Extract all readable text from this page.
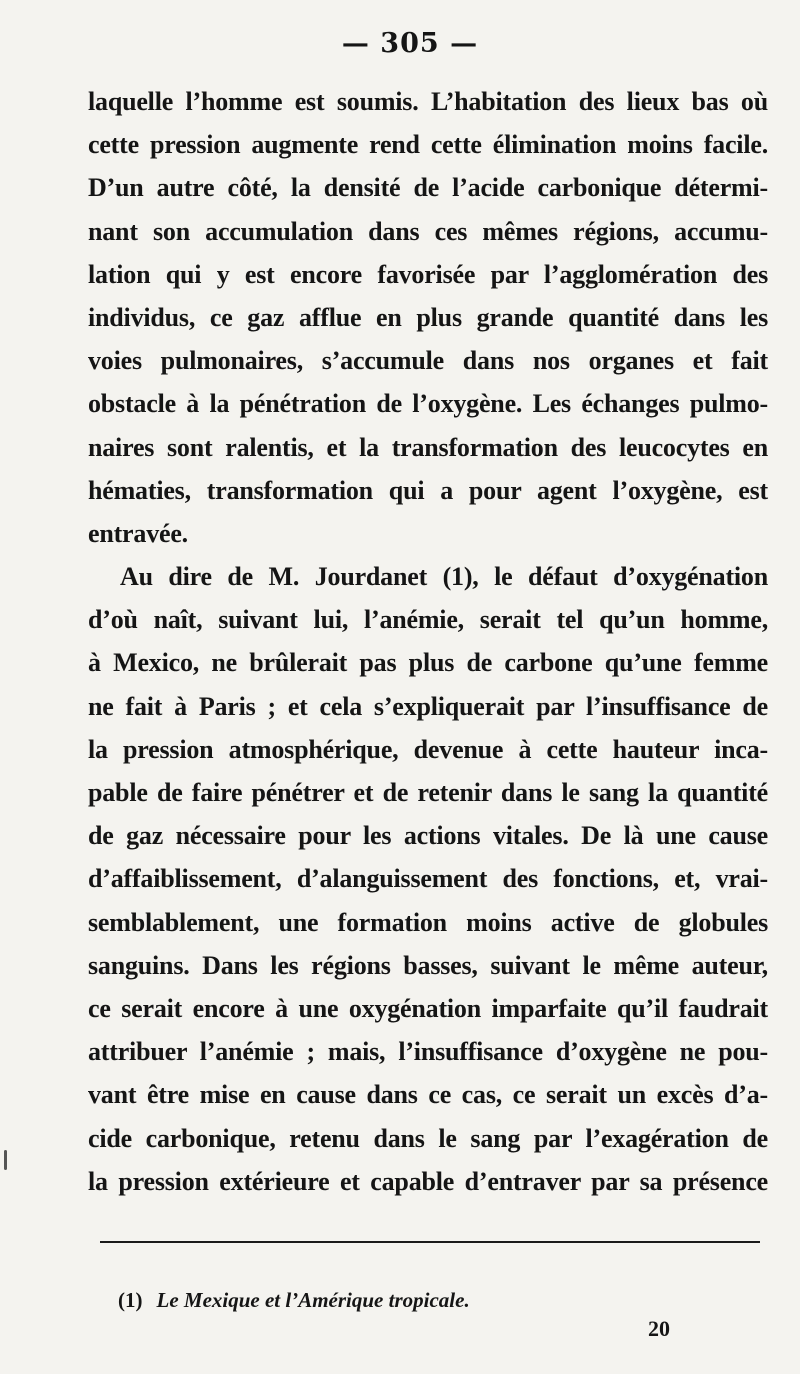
— 305 —
laquelle l’homme est soumis. L’habitation des lieux bas où
cette pression augmente rend cette élimination moins facile.
D’un autre côté, la densité de l’acide carbonique détermi-
nant son accumulation dans ces mêmes régions, accumu-
lation qui y est encore favorisée par l’agglomération des
individus, ce gaz afflue en plus grande quantité dans les
voies pulmonaires, s’accumule dans nos organes et fait
obstacle à la pénétration de l’oxygène. Les échanges pulmo-
naires sont ralentis, et la transformation des leucocytes en
hématies, transformation qui a pour agent l’oxygène, est
entravée.
Au dire de M. Jourdanet (1), le défaut d’oxygénation
d’où naît, suivant lui, l’anémie, serait tel qu’un homme,
à Mexico, ne brûlerait pas plus de carbone qu’une femme
ne fait à Paris ; et cela s’expliquerait par l’insuffisance de
la pression atmosphérique, devenue à cette hauteur inca-
pable de faire pénétrer et de retenir dans le sang la quantité
de gaz nécessaire pour les actions vitales. De là une cause
d’affaiblissement, d’alanguissement des fonctions, et, vrai-
semblablement, une formation moins active de globules
sanguins. Dans les régions basses, suivant le même auteur,
ce serait encore à une oxygénation imparfaite qu’il faudrait
attribuer l’anémie ; mais, l’insuffisance d’oxygène ne pou-
vant être mise en cause dans ce cas, ce serait un excès d’a-
cide carbonique, retenu dans le sang par l’exagération de
la pression extérieure et capable d’entraver par sa présence
(1) Le Mexique et l’Amérique tropicale.
20
